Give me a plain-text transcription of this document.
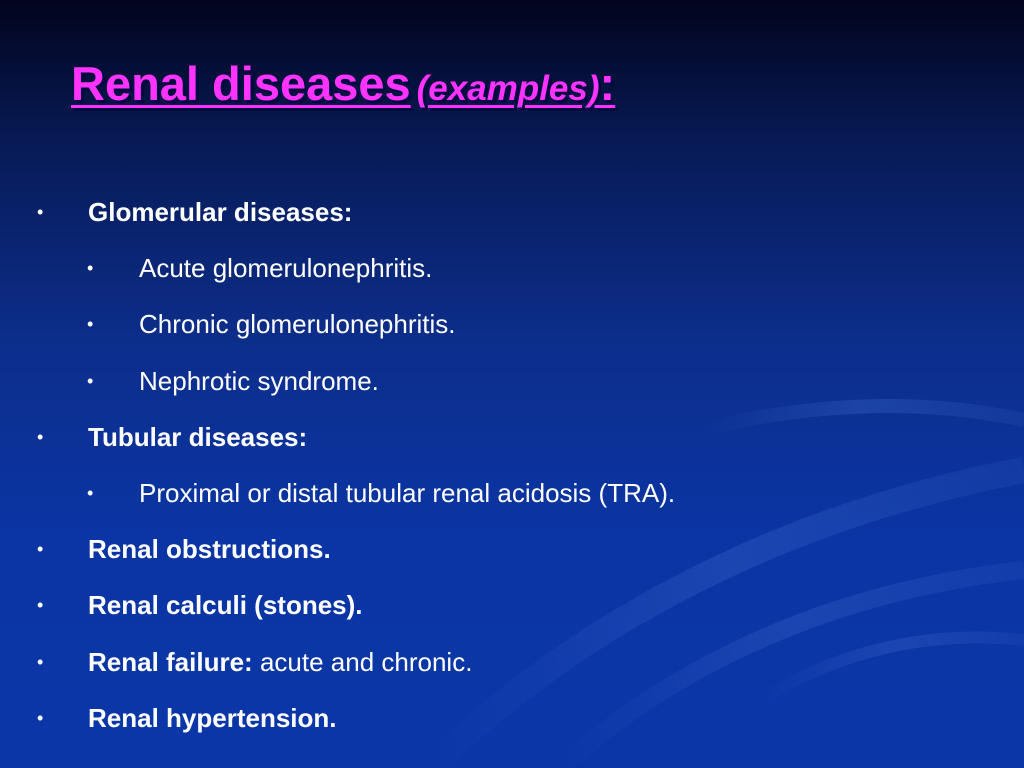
Renal diseases (examples):
• Glomerular diseases:
• Acute glomerulonephritis.
• Chronic glomerulonephritis.
• Nephrotic syndrome.
• Tubular diseases:
• Proximal or distal tubular renal acidosis (TRA).
• Renal obstructions.
• Renal calculi (stones).
• Renal failure: acute and chronic.
• Renal hypertension.
